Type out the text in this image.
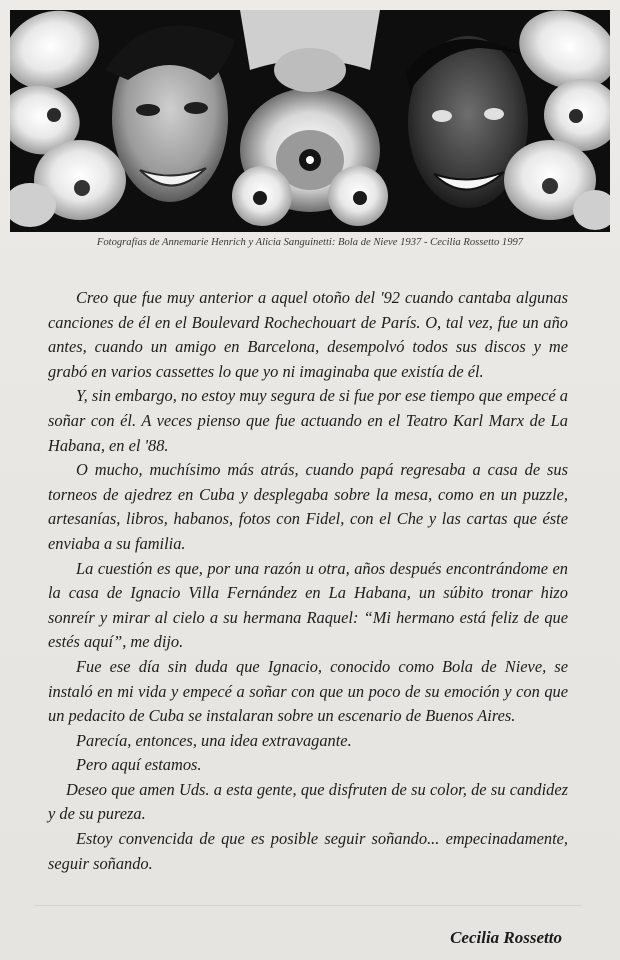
Fotografías de Annemarie Henrich y Alicia Sanguinetti: Bola de Nieve 1937 - Cecilia Rossetto 1997

Creo que fue muy anterior a aquel otoño del '92 cuando cantaba algunas canciones de él en el Boulevard Rochechouart de París. O, tal vez, fue un año antes, cuando un amigo en Barcelona, desempolvó todos sus discos y me grabó en varios cassettes lo que yo ni imaginaba que existía de él.

Y, sin embargo, no estoy muy segura de si fue por ese tiempo que empecé a soñar con él. A veces pienso que fue actuando en el Teatro Karl Marx de La Habana, en el '88.

O mucho, muchísimo más atrás, cuando papá regresaba a casa de sus torneos de ajedrez en Cuba y desplegaba sobre la mesa, como en un puzzle, artesanías, libros, habanos, fotos con Fidel, con el Che y las cartas que éste enviaba a su familia.

La cuestión es que, por una razón u otra, años después encontrándome en la casa de Ignacio Villa Fernández en La Habana, un súbito tronar hizo sonreír y mirar al cielo a su hermana Raquel: “Mi hermano está feliz de que estés aquí”, me dijo.

Fue ese día sin duda que Ignacio, conocido como Bola de Nieve, se instaló en mi vida y empecé a soñar con que un poco de su emoción y con que un pedacito de Cuba se instalaran sobre un escenario de Buenos Aires.

Parecía, entonces, una idea extravagante.

Pero aquí estamos.

Deseo que amen Uds. a esta gente, que disfruten de su color, de su candidez y de su pureza.

Estoy convencida de que es posible seguir soñando... empecinadamente, seguir soñando.

Cecilia Rossetto
